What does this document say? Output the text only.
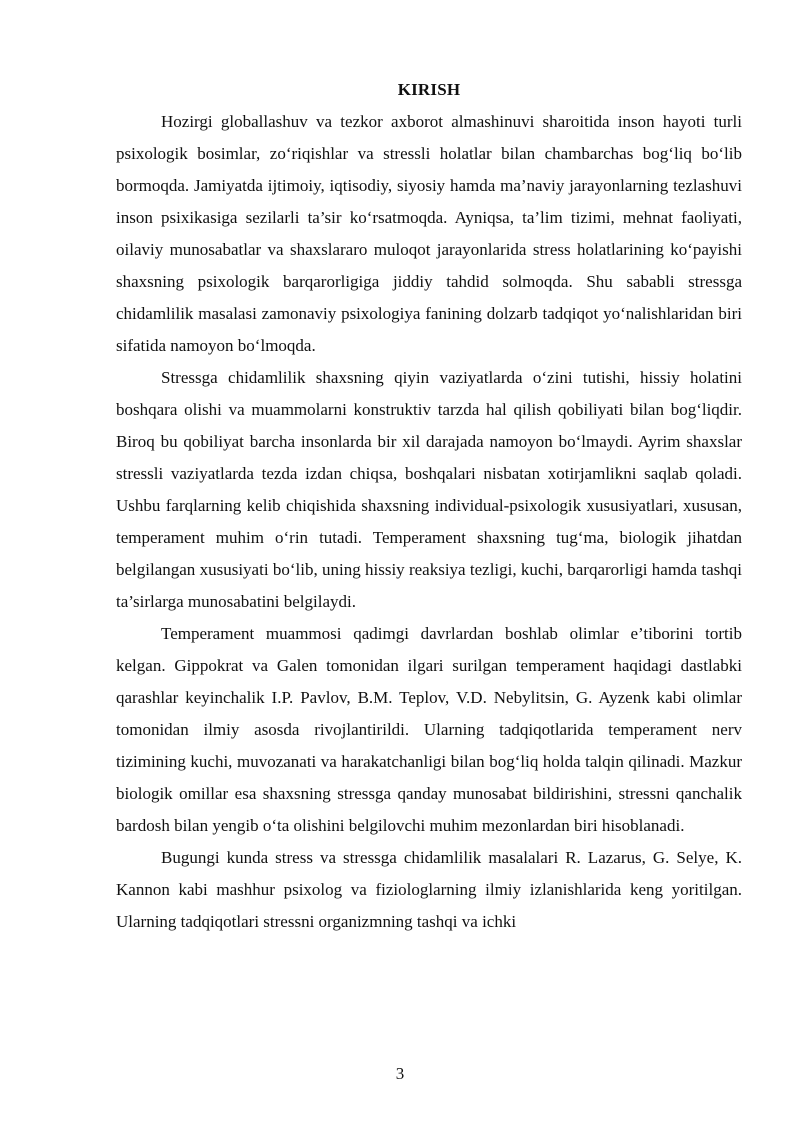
KIRISH

Hozirgi globallashuv va tezkor axborot almashinuvi sharoitida inson hayoti turli psixologik bosimlar, zo‘riqishlar va stressli holatlar bilan chambarchas bog‘liq bo‘lib bormoqda. Jamiyatda ijtimoiy, iqtisodiy, siyosiy hamda ma’naviy jarayonlarning tezlashuvi inson psixikasiga sezilarli ta’sir ko‘rsatmoqda. Ayniqsa, ta’lim tizimi, mehnat faoliyati, oilaviy munosabatlar va shaxslararo muloqot jarayonlarida stress holatlarining ko‘payishi shaxsning psixologik barqarorligiga jiddiy tahdid solmoqda. Shu sababli stressga chidamlilik masalasi zamonaviy psixologiya fanining dolzarb tadqiqot yo‘nalishlaridan biri sifatida namoyon bo‘lmoqda.

Stressga chidamlilik shaxsning qiyin vaziyatlarda o‘zini tutishi, hissiy holatini boshqara olishi va muammolarni konstruktiv tarzda hal qilish qobiliyati bilan bog‘liqdir. Biroq bu qobiliyat barcha insonlarda bir xil darajada namoyon bo‘lmaydi. Ayrim shaxslar stressli vaziyatlarda tezda izdan chiqsa, boshqalari nisbatan xotirjamlikni saqlab qoladi. Ushbu farqlarning kelib chiqishida shaxsning individual-psixologik xususiyatlari, xususan, temperament muhim o‘rin tutadi. Temperament shaxsning tug‘ma, biologik jihatdan belgilangan xususiyati bo‘lib, uning hissiy reaksiya tezligi, kuchi, barqarorligi hamda tashqi ta’sirlarga munosabatini belgilaydi.

Temperament muammosi qadimgi davrlardan boshlab olimlar e’tiborini tortib kelgan. Gippokrat va Galen tomonidan ilgari surilgan temperament haqidagi dastlabki qarashlar keyinchalik I.P. Pavlov, B.M. Teplov, V.D. Nebylitsin, G. Ayzenk kabi olimlar tomonidan ilmiy asosda rivojlantirildi. Ularning tadqiqotlarida temperament nerv tizimining kuchi, muvozanati va harakatchanligi bilan bog‘liq holda talqin qilinadi. Mazkur biologik omillar esa shaxsning stressga qanday munosabat bildirishini, stressni qanchalik bardosh bilan yengib o‘ta olishini belgilovchi muhim mezonlardan biri hisoblanadi.

Bugungi kunda stress va stressga chidamlilik masalalari R. Lazarus, G. Selye, K. Kannon kabi mashhur psixolog va fiziologlarning ilmiy izlanishlarida keng yoritilgan. Ularning tadqiqotlari stressni organizmning tashqi va ichki

3
